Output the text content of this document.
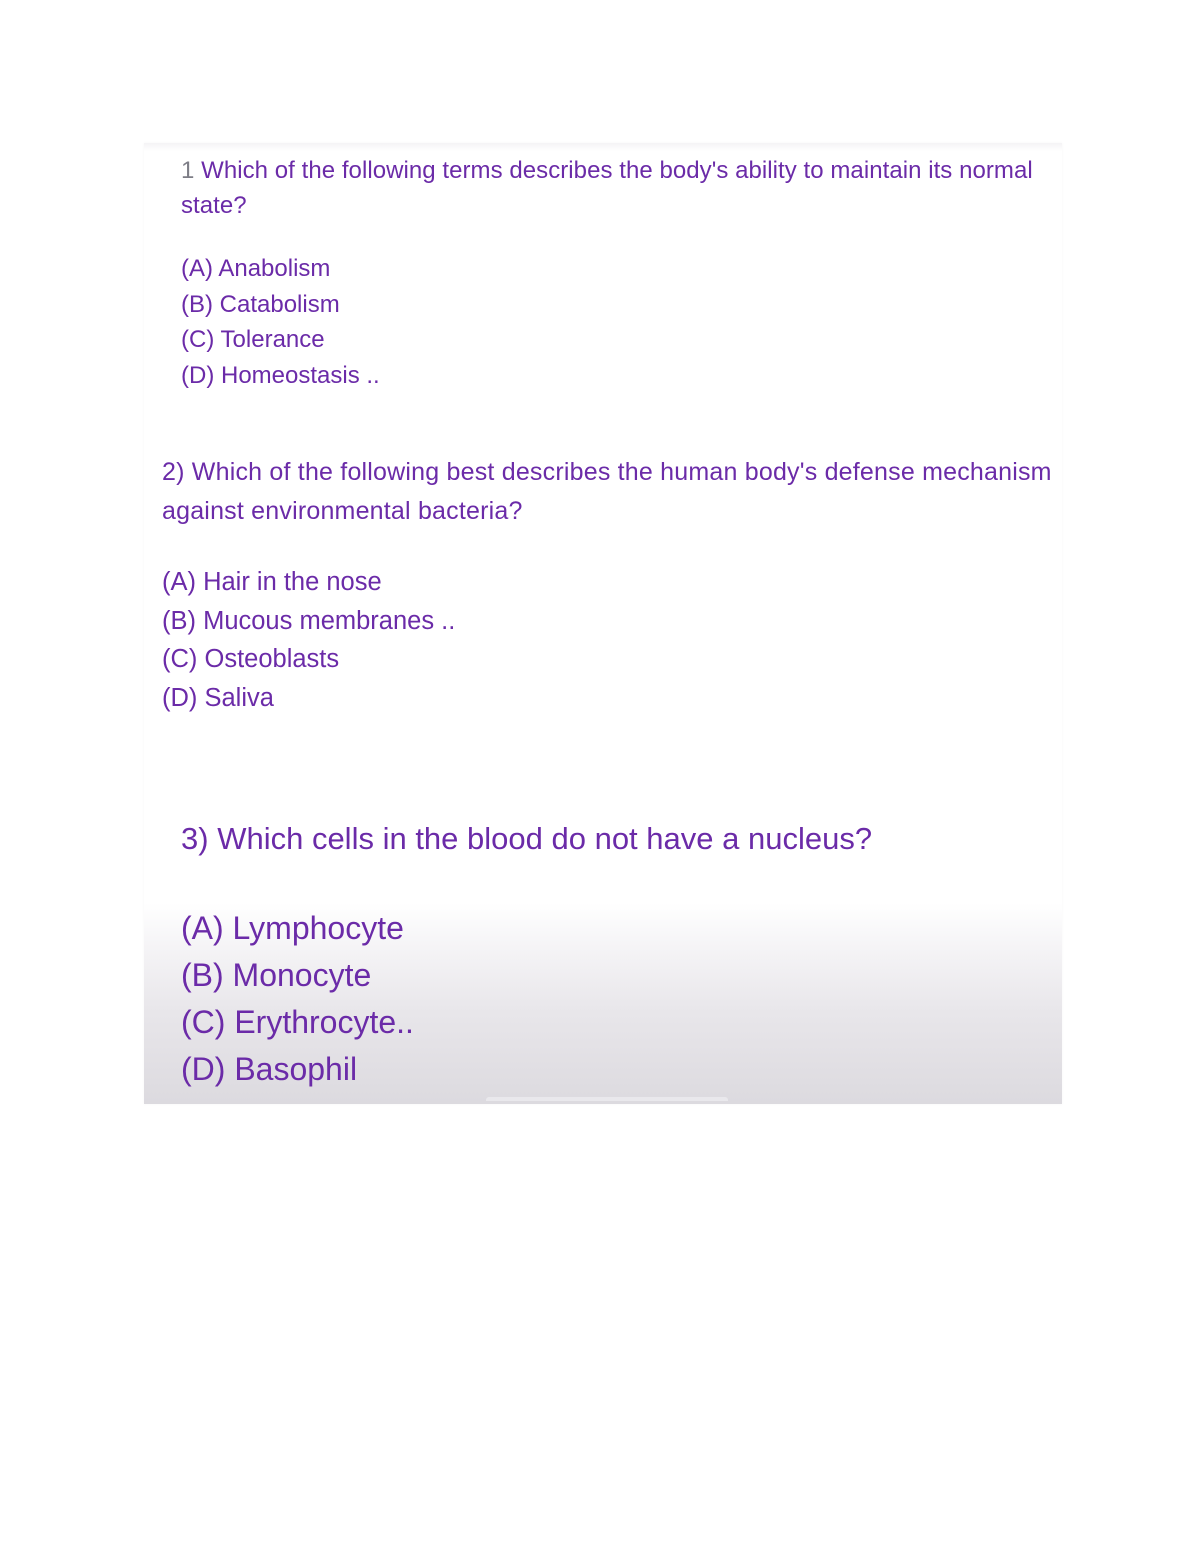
1 Which of the following terms describes the body's ability to maintain its normal state?

(A) Anabolism
(B) Catabolism
(C) Tolerance
(D) Homeostasis ..

2) Which of the following best describes the human body's defense mechanism against environmental bacteria?

(A) Hair in the nose
(B) Mucous membranes ..
(C) Osteoblasts
(D) Saliva

3) Which cells in the blood do not have a nucleus?

(A) Lymphocyte
(B) Monocyte
(C) Erythrocyte..
(D) Basophil
